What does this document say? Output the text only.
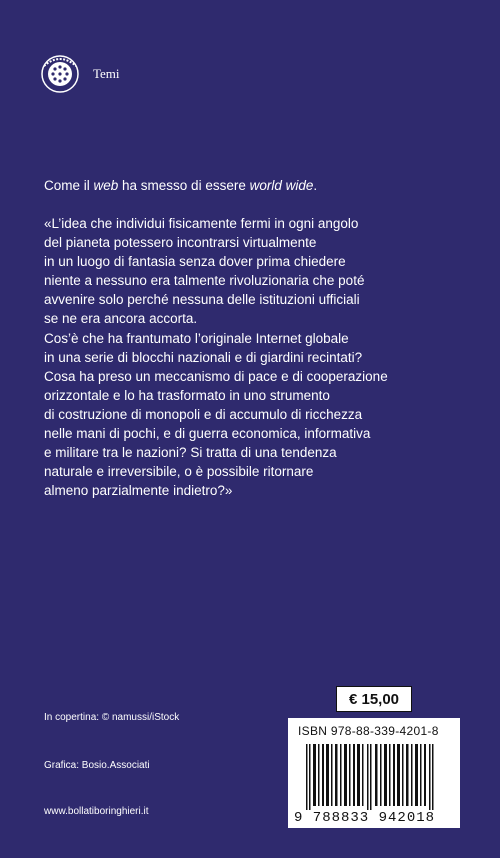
Temi

Come il web ha smesso di essere world wide.

«L’idea che individui fisicamente fermi in ogni angolo
del pianeta potessero incontrarsi virtualmente
in un luogo di fantasia senza dover prima chiedere
niente a nessuno era talmente rivoluzionaria che poté
avvenire solo perché nessuna delle istituzioni ufficiali
se ne era ancora accorta.
Cos’è che ha frantumato l’originale Internet globale
in una serie di blocchi nazionali e di giardini recintati?
Cosa ha preso un meccanismo di pace e di cooperazione
orizzontale e lo ha trasformato in uno strumento
di costruzione di monopoli e di accumulo di ricchezza
nelle mani di pochi, e di guerra economica, informativa
e militare tra le nazioni? Si tratta di una tendenza
naturale e irreversibile, o è possibile ritornare
almeno parzialmente indietro?»

In copertina: © namussi/iStock
Grafica: Bosio.Associati
www.bollatiboringhieri.it
€ 15,00
ISBN 978-88-339-4201-8
9 788833 942018
